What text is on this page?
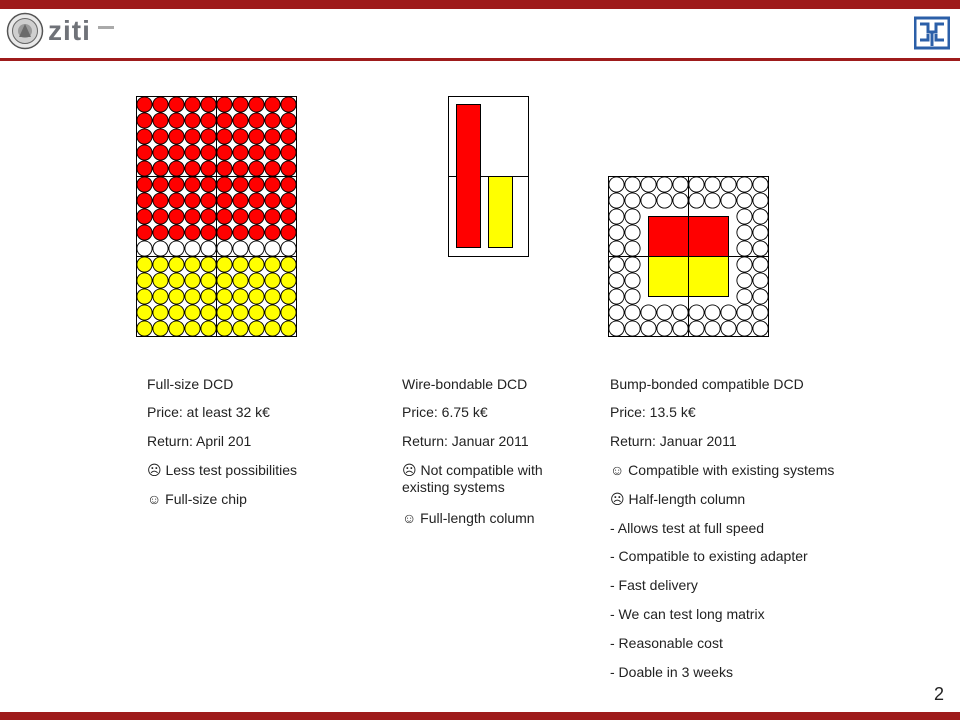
ziti

Full-size DCD

Price: at least 32 k€

Return: April 201

☹ Less test possibilities

☺ Full-size chip

Wire-bondable DCD

Price: 6.75 k€

Return: Januar 2011

☹ Not compatible with existing systems

☺ Full-length column

Bump-bonded compatible DCD

Price: 13.5 k€

Return: Januar 2011

☺ Compatible with existing systems

☹ Half-length column

- Allows test at full speed

- Compatible to existing adapter

- Fast delivery

- We can test long matrix

- Reasonable cost

- Doable in 3 weeks

2
